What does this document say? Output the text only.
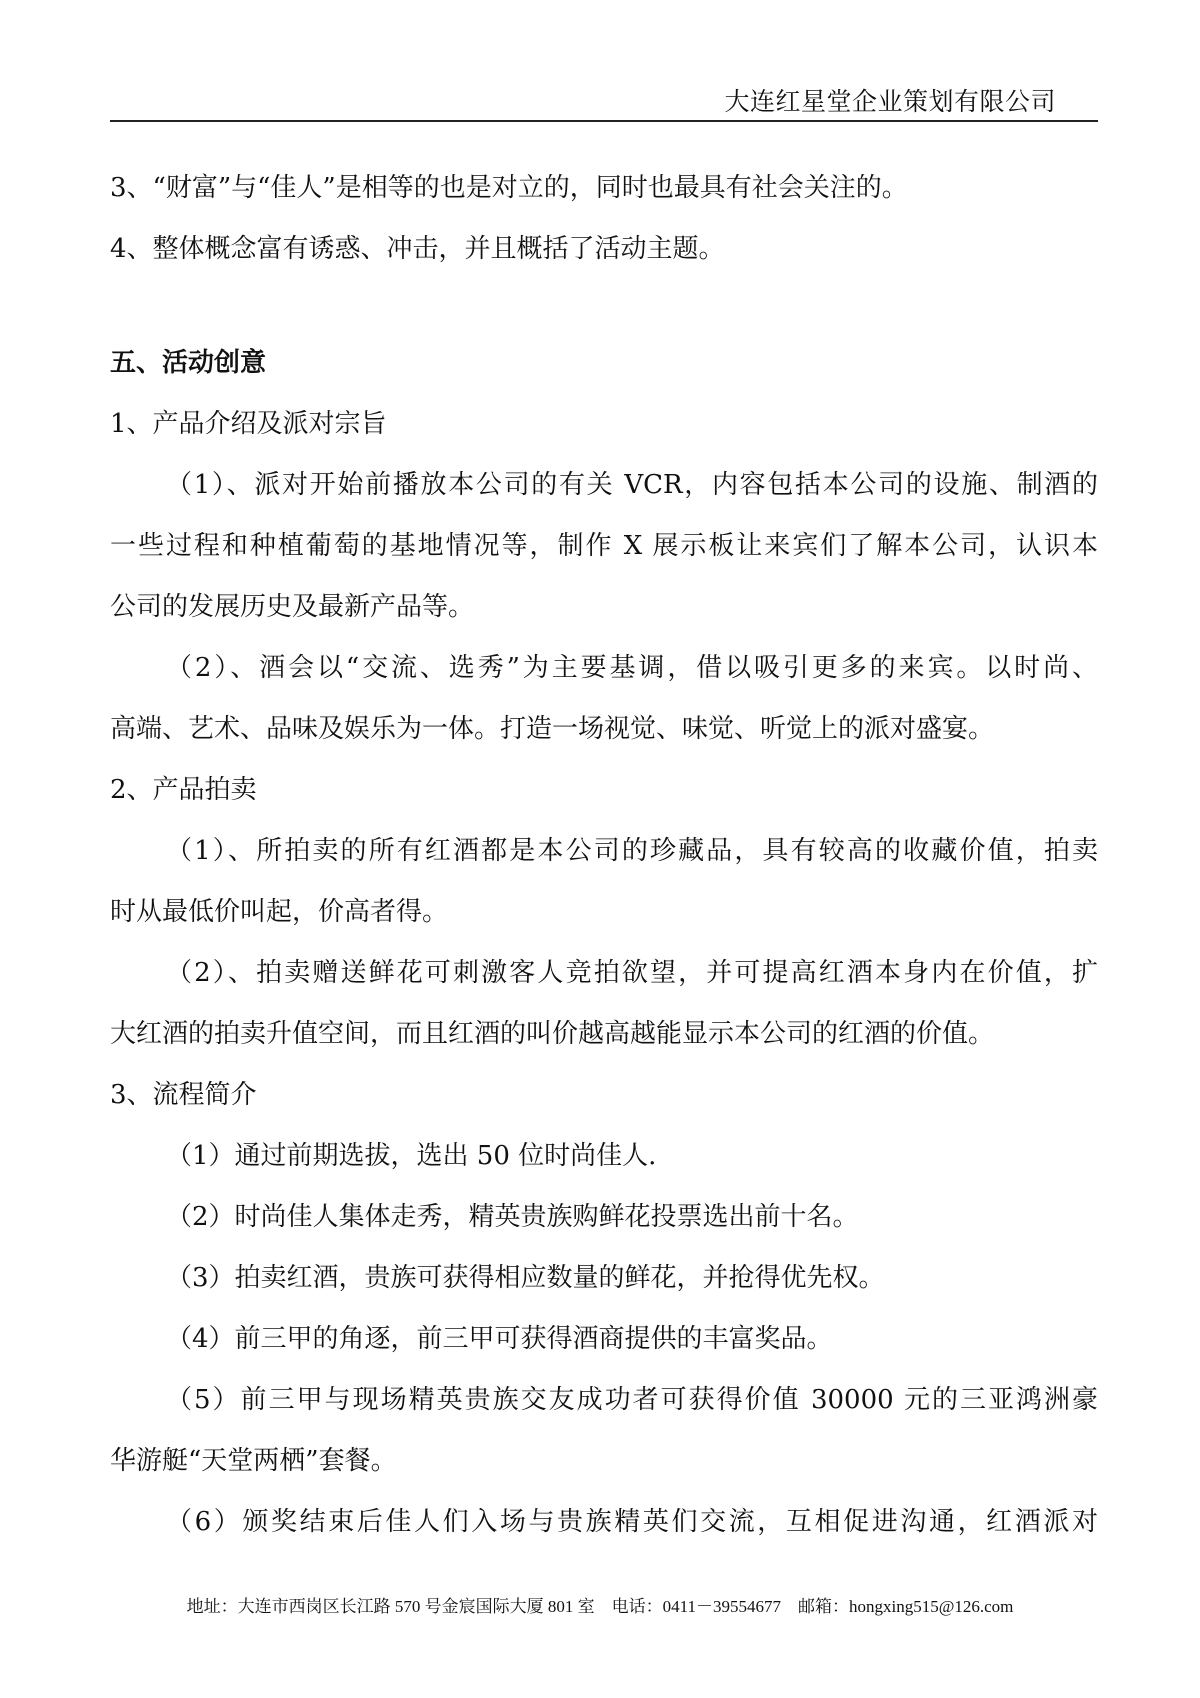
大连红星堂企业策划有限公司
3、“财富”与“佳人”是相等的也是对立的，同时也最具有社会关注的。
4、整体概念富有诱惑、冲击，并且概括了活动主题。
五、活动创意
1、产品介绍及派对宗旨
（1）、派对开始前播放本公司的有关 VCR，内容包括本公司的设施、制酒的
一些过程和种植葡萄的基地情况等，制作 X 展示板让来宾们了解本公司，认识本
公司的发展历史及最新产品等。
（2）、酒会以“交流、选秀”为主要基调，借以吸引更多的来宾。以时尚、
高端、艺术、品味及娱乐为一体。打造一场视觉、味觉、听觉上的派对盛宴。
2、产品拍卖
（1）、所拍卖的所有红酒都是本公司的珍藏品，具有较高的收藏价值，拍卖
时从最低价叫起，价高者得。
（2）、拍卖赠送鲜花可刺激客人竞拍欲望，并可提高红酒本身内在价值，扩
大红酒的拍卖升值空间，而且红酒的叫价越高越能显示本公司的红酒的价值。
3、流程简介
（1）通过前期选拔，选出 50 位时尚佳人.
（2）时尚佳人集体走秀，精英贵族购鲜花投票选出前十名。
（3）拍卖红酒，贵族可获得相应数量的鲜花，并抢得优先权。
（4）前三甲的角逐，前三甲可获得酒商提供的丰富奖品。
（5）前三甲与现场精英贵族交友成功者可获得价值 30000 元的三亚鸿洲豪
华游艇“天堂两栖”套餐。
（6）颁奖结束后佳人们入场与贵族精英们交流，互相促进沟通，红酒派对
地址：大连市西岗区长江路 570 号金宸国际大厦 801 室    电话：0411－39554677    邮箱：hongxing515@126.com
